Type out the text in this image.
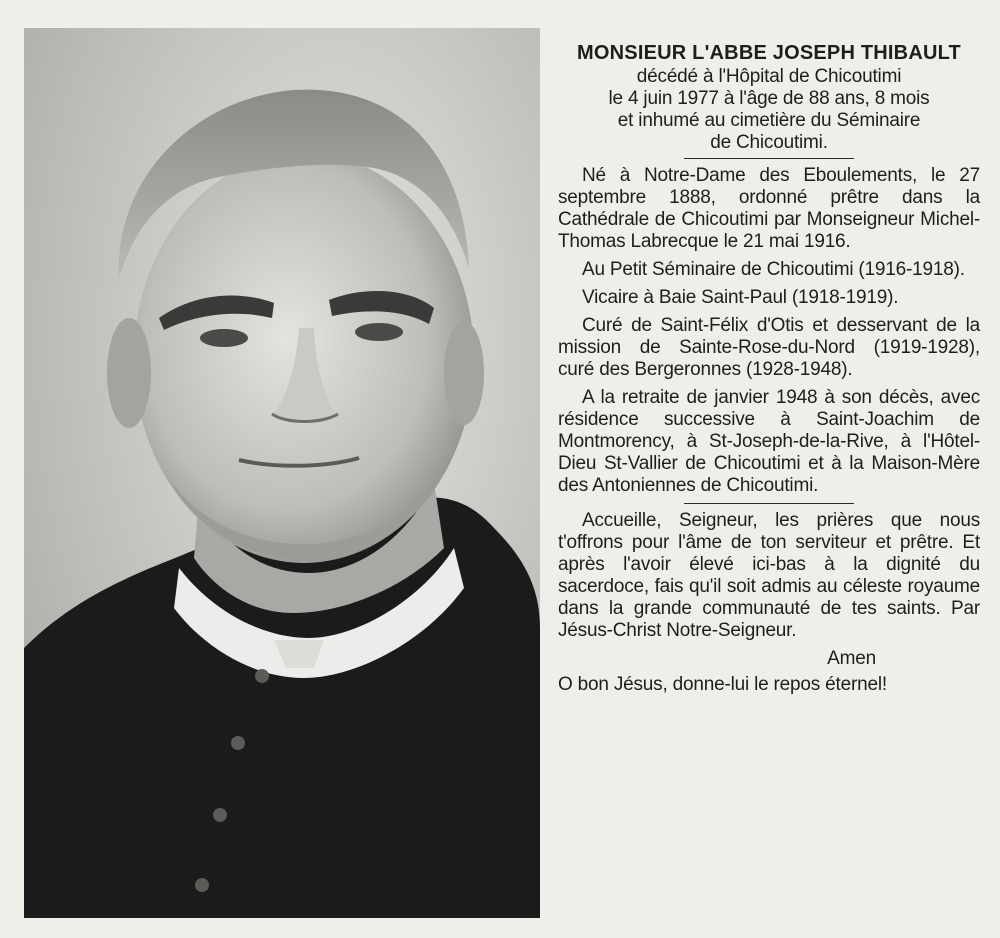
MONSIEUR L'ABBE JOSEPH THIBAULT
décédé à l'Hôpital de Chicoutimi
le 4 juin 1977 à l'âge de 88 ans, 8 mois
et inhumé au cimetière du Séminaire
de Chicoutimi.

Né à Notre-Dame des Eboulements, le 27 septembre 1888, ordonné prêtre dans la Cathédrale de Chicoutimi par Monseigneur Michel-Thomas Labrecque le 21 mai 1916.

Au Petit Séminaire de Chicoutimi (1916-1918).

Vicaire à Baie Saint-Paul (1918-1919).

Curé de Saint-Félix d'Otis et desservant de la mission de Sainte-Rose-du-Nord (1919-1928), curé des Bergeronnes (1928-1948).

A la retraite de janvier 1948 à son décès, avec résidence successive à Saint-Joachim de Montmorency, à St-Joseph-de-la-Rive, à l'Hôtel-Dieu St-Vallier de Chicoutimi et à la Maison-Mère des Antoniennes de Chicoutimi.

Accueille, Seigneur, les prières que nous t'offrons pour l'âme de ton serviteur et prêtre. Et après l'avoir élevé ici-bas à la dignité du sacerdoce, fais qu'il soit admis au céleste royaume dans la grande communauté de tes saints. Par Jésus-Christ Notre-Seigneur.

Amen

O bon Jésus, donne-lui le repos éternel!
